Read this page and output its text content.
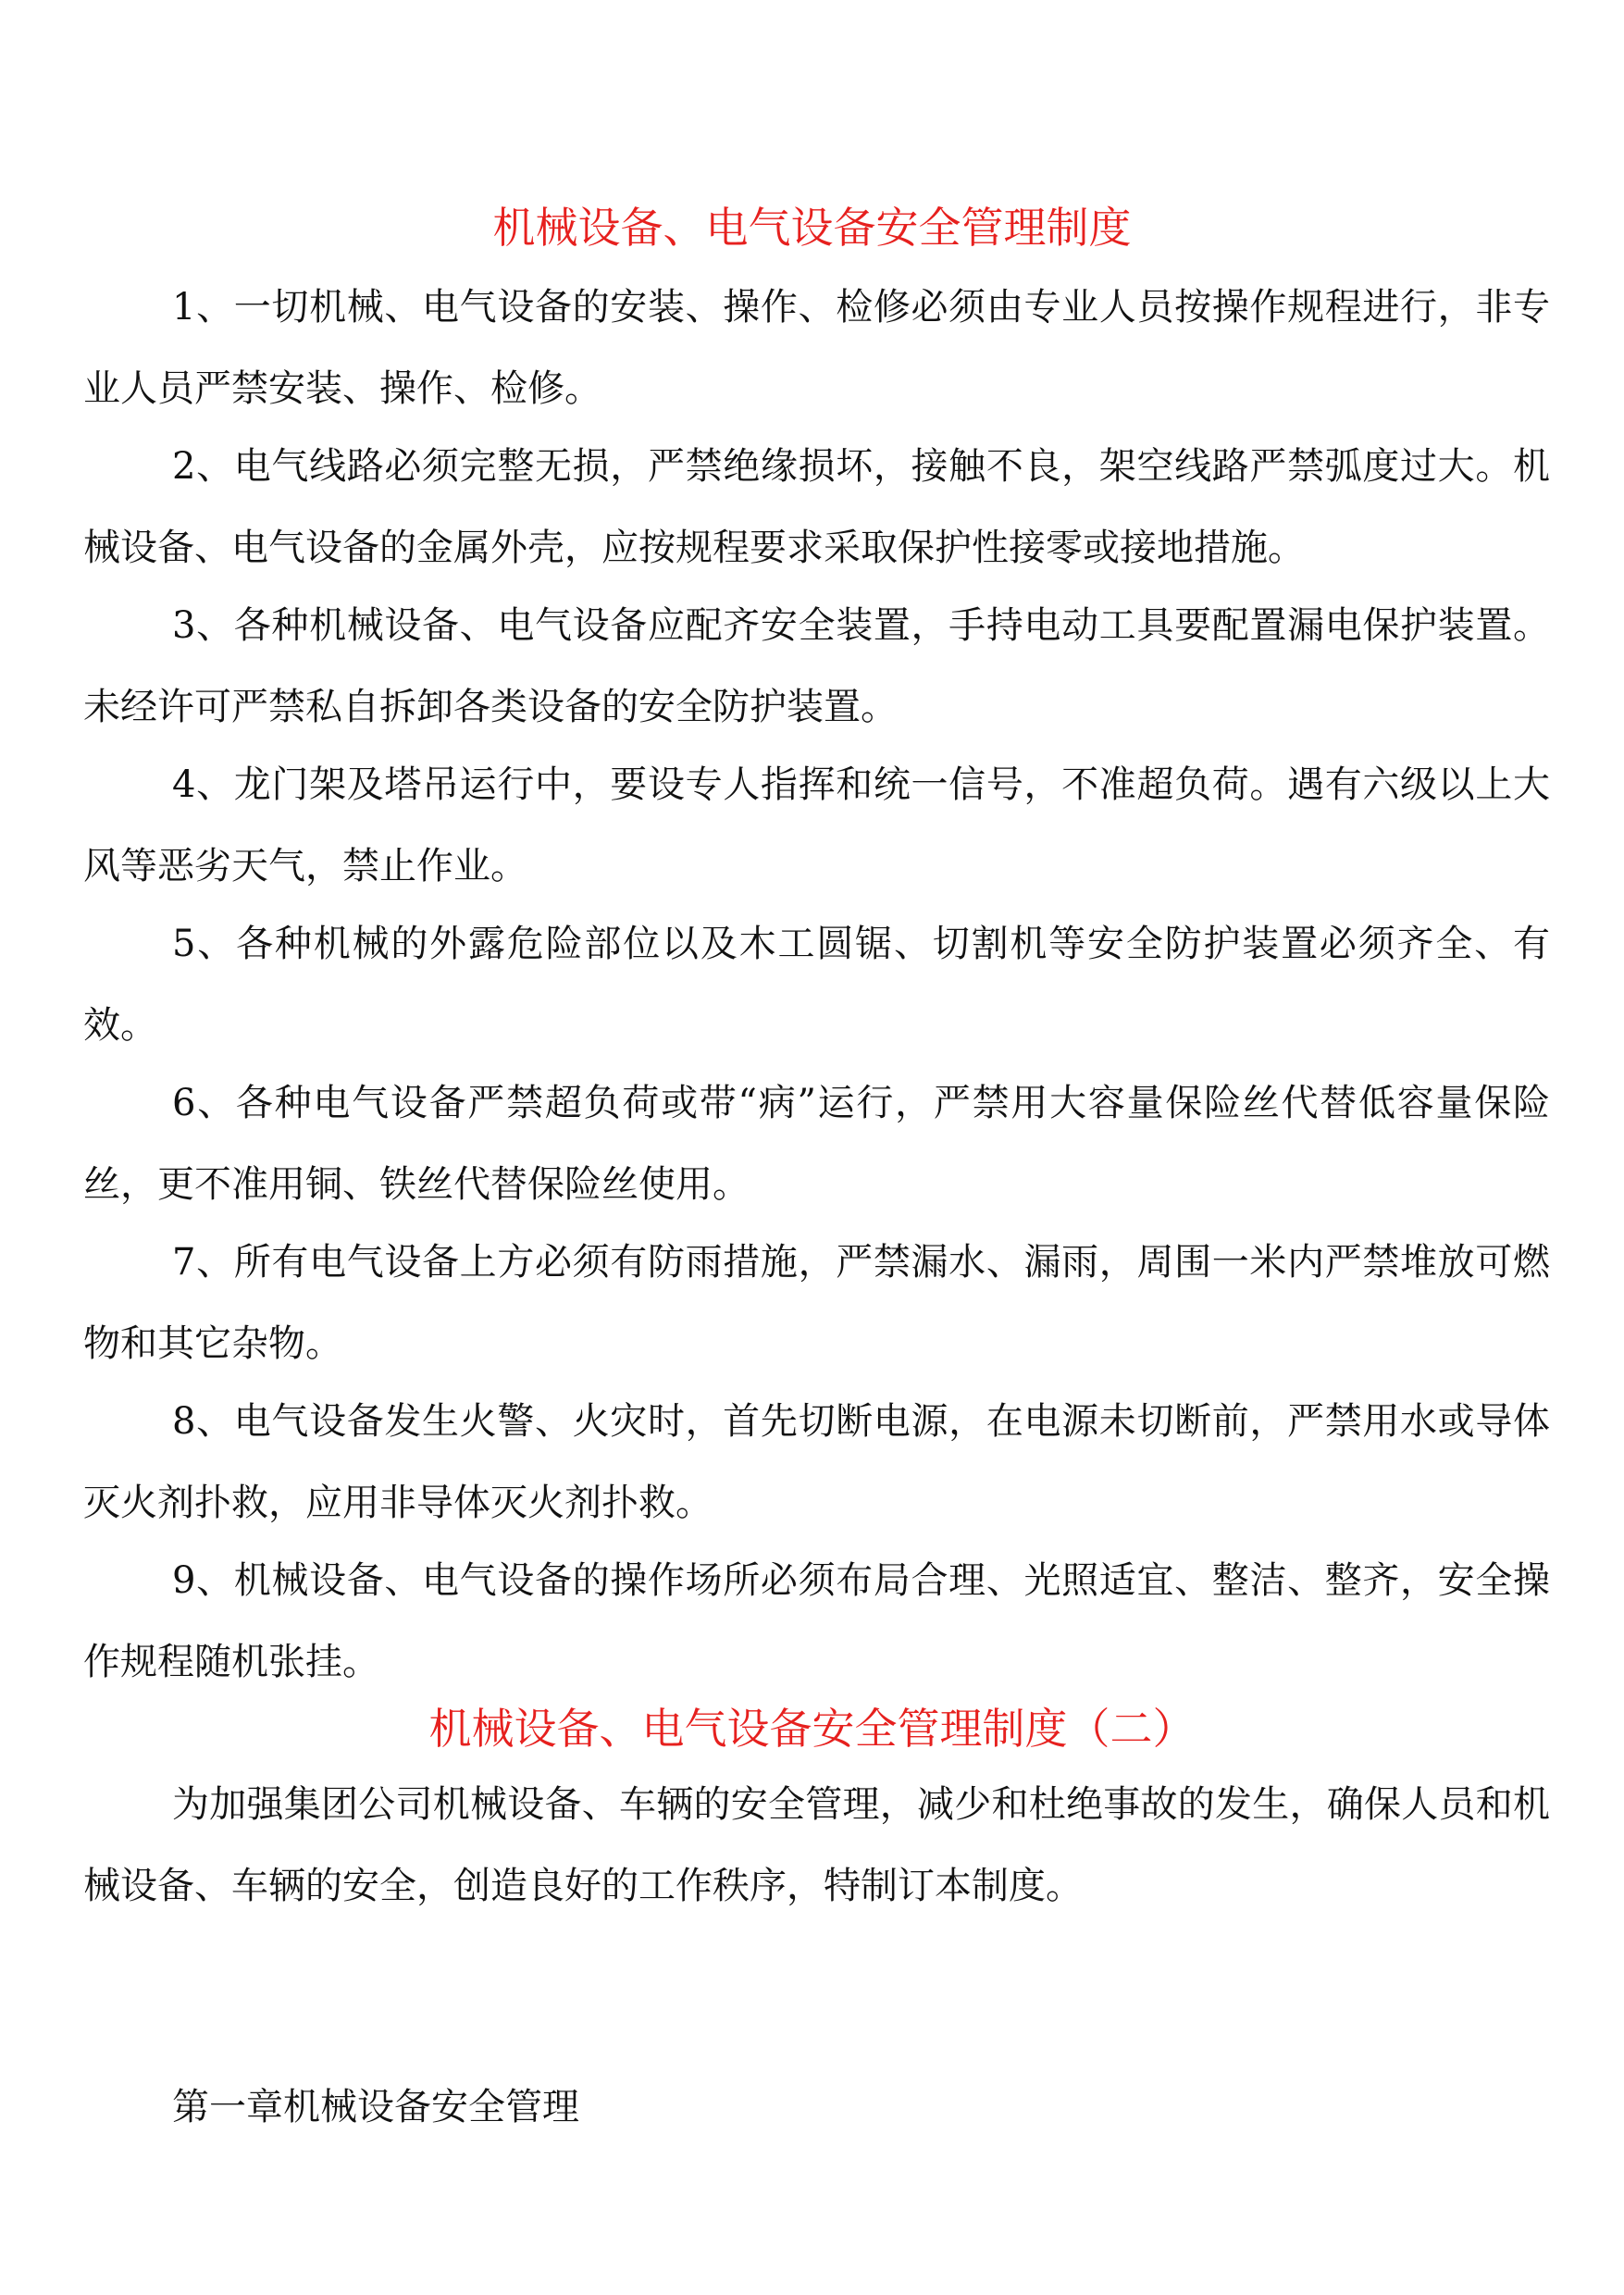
机械设备、电气设备安全管理制度

1、一切机械、电气设备的安装、操作、检修必须由专业人员按操作规程进行，非专业人员严禁安装、操作、检修。

2、电气线路必须完整无损，严禁绝缘损坏，接触不良，架空线路严禁弧度过大。机械设备、电气设备的金属外壳，应按规程要求采取保护性接零或接地措施。

3、各种机械设备、电气设备应配齐安全装置，手持电动工具要配置漏电保护装置。未经许可严禁私自拆卸各类设备的安全防护装置。

4、龙门架及塔吊运行中，要设专人指挥和统一信号，不准超负荷。遇有六级以上大风等恶劣天气，禁止作业。

5、各种机械的外露危险部位以及木工圆锯、切割机等安全防护装置必须齐全、有效。

6、各种电气设备严禁超负荷或带“病”运行，严禁用大容量保险丝代替低容量保险丝，更不准用铜、铁丝代替保险丝使用。

7、所有电气设备上方必须有防雨措施，严禁漏水、漏雨，周围一米内严禁堆放可燃物和其它杂物。

8、电气设备发生火警、火灾时，首先切断电源，在电源未切断前，严禁用水或导体灭火剂扑救，应用非导体灭火剂扑救。

9、机械设备、电气设备的操作场所必须布局合理、光照适宜、整洁、整齐，安全操作规程随机张挂。

机械设备、电气设备安全管理制度（二）

为加强集团公司机械设备、车辆的安全管理，减少和杜绝事故的发生，确保人员和机械设备、车辆的安全，创造良好的工作秩序，特制订本制度。

第一章机械设备安全管理
